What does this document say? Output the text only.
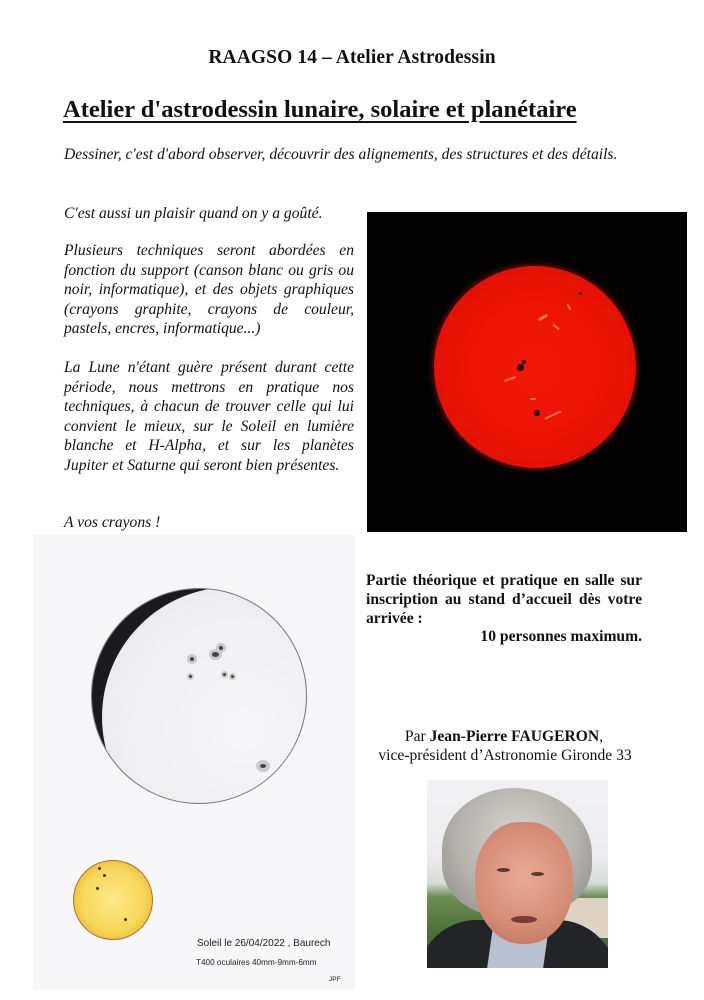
RAAGSO 14 – Atelier Astrodessin
Atelier d'astrodessin lunaire, solaire et planétaire

Dessiner, c'est d'abord observer, découvrir des alignements, des structures et des détails.

C'est aussi un plaisir quand on y a goûté.

Plusieurs techniques seront abordées en fonction du support (canson blanc ou gris ou noir, informatique), et des objets graphiques (crayons graphite, crayons de couleur, pastels, encres, informatique...)

La Lune n'étant guère présent durant cette période, nous mettrons en pratique nos techniques, à chacun de trouver celle qui lui convient le mieux, sur le Soleil en lumière blanche et H-Alpha, et sur les planètes Jupiter et Saturne qui seront bien présentes.

A vos crayons !

Soleil le 26/04/2022 , Baurech
T400 oculaires 40mm-9mm-6mm
JPF

Partie théorique et pratique en salle sur inscription au stand d’accueil dès votre arrivée :

10 personnes maximum.
Par Jean-Pierre FAUGERON,
vice-président d’Astronomie Gironde 33
